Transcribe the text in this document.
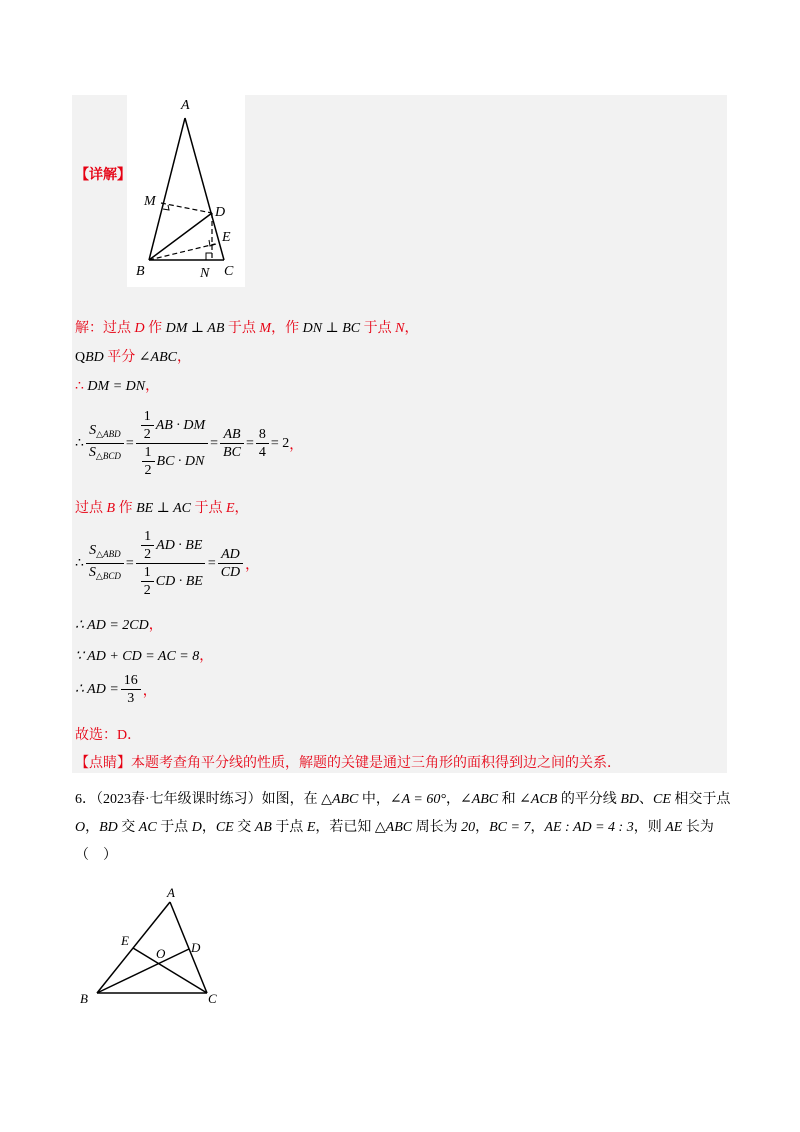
A
M
D
E
B	N C
【详解】
解：过点 D 作 DM ⊥ AB 于点 M，作 DN ⊥ BC 于点 N，
QBD 平分 ∠ABC，
∴ DM = DN，
∴ $\frac{S_{\triangle ABD}}{S_{\triangle BCD}} = \frac{\frac{1}{2} AB \cdot DM}{\frac{1}{2} BC \cdot DN} = \frac{AB}{BC} = \frac{8}{4} = 2$ ，
过点 B 作 BE ⊥ AC 于点 E，
∴ $\frac{S_{\triangle ABD}}{S_{\triangle BCD}} = \frac{\frac{1}{2} AD \cdot BE}{\frac{1}{2} CD \cdot BE} = \frac{AD}{CD}$ ，
∴ AD = 2CD，
∵ AD + CD = AC = 8，
∴ AD = $\frac{16}{3}$ ，
故选：D．
【点睛】本题考查角平分线的性质，解题的关键是通过三角形的面积得到边之间的关系．
6．（2023春·七年级课时练习）如图，在 △ABC 中，∠A = 60°，∠ABC 和 ∠ACB 的平分线 BD、CE 相交于点 O，BD 交 AC 于点 D，CE 交 AB 于点 E，若已知 △ABC 周长为 20，BC = 7，AE : AD = 4 : 3，则 AE 长为（　）
A
E	D
O
B	C
